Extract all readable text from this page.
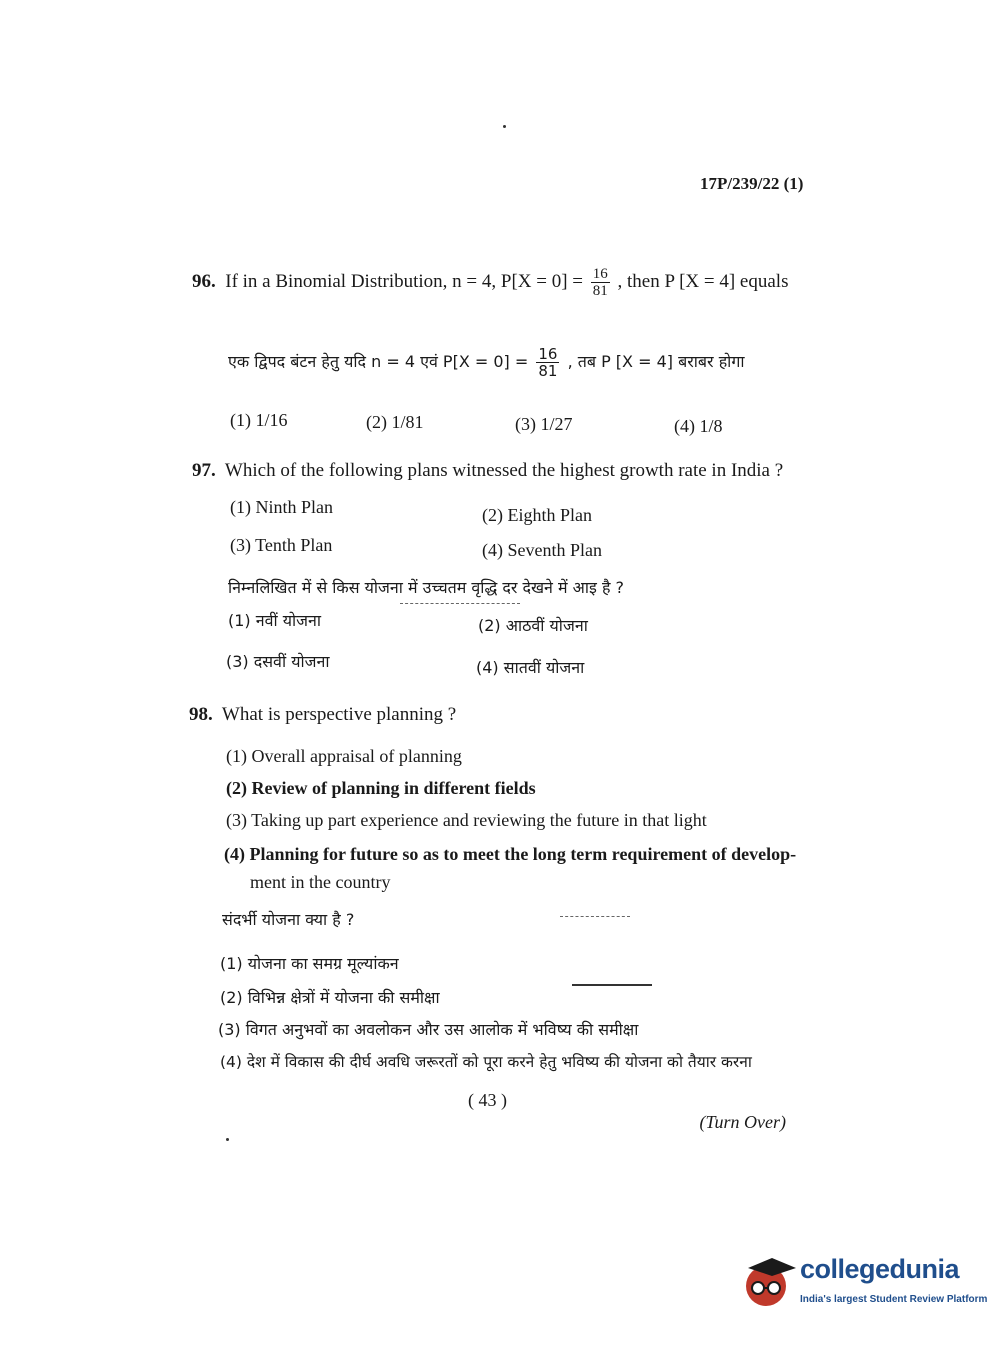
17P/239/22 (1)
96. If in a Binomial Distribution, n = 4, $P[X = 0] = \frac{16}{81}$ , then P [X = 4] equals
एक द्विपद बंटन हेतु यदि n = 4 एवं $P[X = 0] = \frac{16}{81}$ , तब P [X = 4] बराबर होगा
(1) 1/16	(2) 1/81	(3) 1/27	(4) 1/8
97. Which of the following plans witnessed the highest growth rate in India ?
(1) Ninth Plan	(2) Eighth Plan
(3) Tenth Plan	(4) Seventh Plan
निम्नलिखित में से किस योजना में उच्चतम वृद्धि दर देखने में आइ है ?
(1) नवीं योजना	(2) आठवीं योजना
(3) दसवीं योजना	(4) सातवीं योजना
98. What is perspective planning ?
(1) Overall appraisal of planning
(2) Review of planning in different fields
(3) Taking up part experience and reviewing the future in that light
(4) Planning for future so as to meet the long term requirement of develop-
ment in the country
संदर्भी योजना क्या है ?
(1) योजना का समग्र मूल्यांकन
(2) विभिन्न क्षेत्रों में योजना की समीक्षा
(3) विगत अनुभवों का अवलोकन और उस आलोक में भविष्य की समीक्षा
(4) देश में विकास की दीर्घ अवधि जरूरतों को पूरा करने हेतु भविष्य की योजना को तैयार करना
( 43 )
(Turn Over)
collegedunia
India's largest Student Review Platform
